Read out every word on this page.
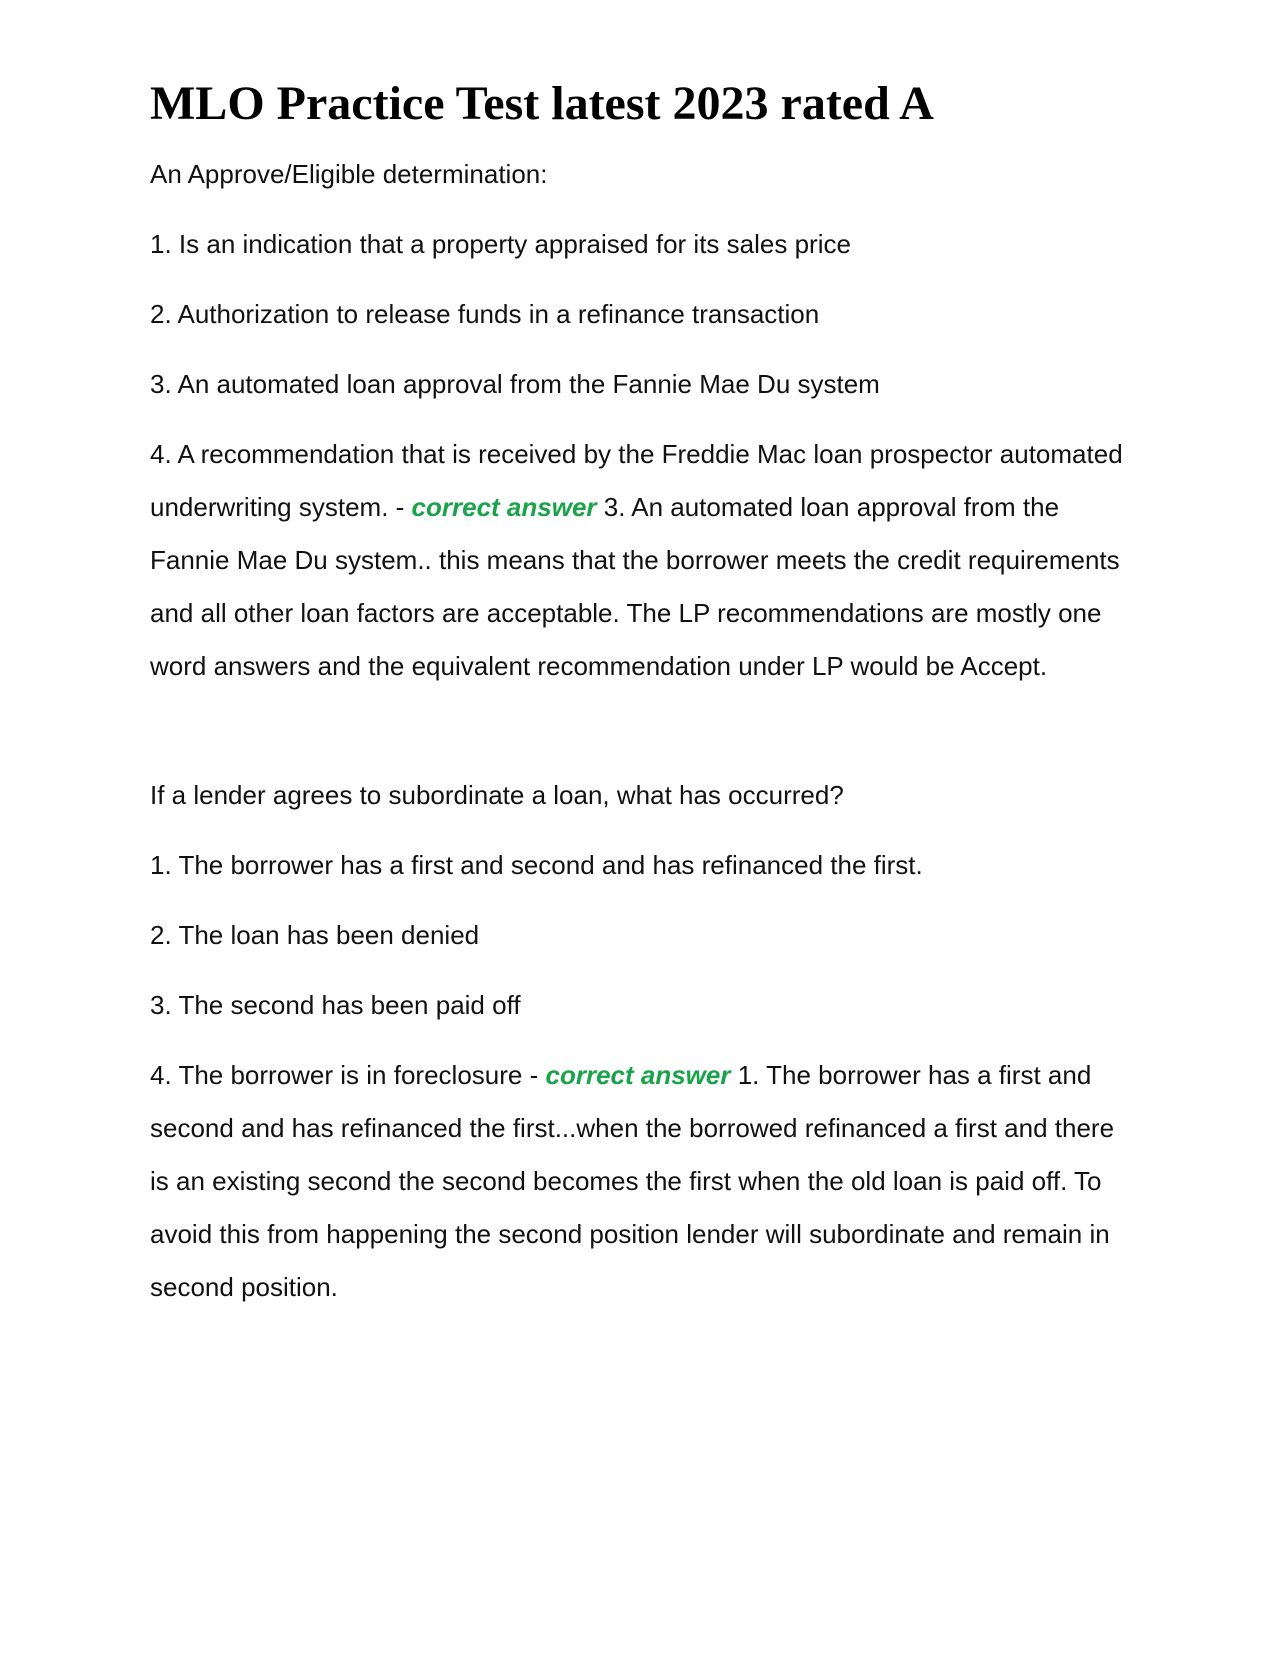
MLO Practice Test latest 2023 rated A

An Approve/Eligible determination:

1. Is an indication that a property appraised for its sales price

2. Authorization to release funds in a refinance transaction

3. An automated loan approval from the Fannie Mae Du system

4. A recommendation that is received by the Freddie Mac loan prospector automated underwriting system. - correct answer 3. An automated loan approval from the Fannie Mae Du system.. this means that the borrower meets the credit requirements and all other loan factors are acceptable. The LP recommendations are mostly one word answers and the equivalent recommendation under LP would be Accept.

If a lender agrees to subordinate a loan, what has occurred?

1. The borrower has a first and second and has refinanced the first.

2. The loan has been denied

3. The second has been paid off

4. The borrower is in foreclosure - correct answer 1. The borrower has a first and second and has refinanced the first...when the borrowed refinanced a first and there is an existing second the second becomes the first when the old loan is paid off. To avoid this from happening the second position lender will subordinate and remain in second position.
